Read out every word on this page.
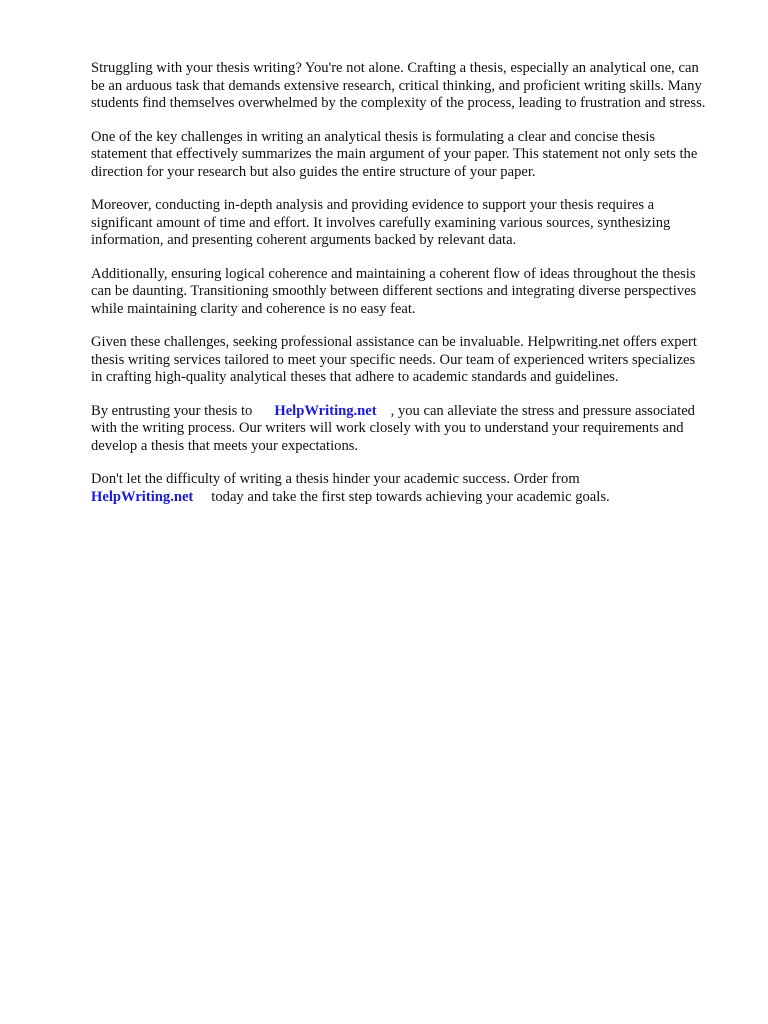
Struggling with your thesis writing? You're not alone. Crafting a thesis, especially an analytical one, can be an arduous task that demands extensive research, critical thinking, and proficient writing skills. Many students find themselves overwhelmed by the complexity of the process, leading to frustration and stress.

One of the key challenges in writing an analytical thesis is formulating a clear and concise thesis statement that effectively summarizes the main argument of your paper. This statement not only sets the direction for your research but also guides the entire structure of your paper.

Moreover, conducting in-depth analysis and providing evidence to support your thesis requires a significant amount of time and effort. It involves carefully examining various sources, synthesizing information, and presenting coherent arguments backed by relevant data.

Additionally, ensuring logical coherence and maintaining a coherent flow of ideas throughout the thesis can be daunting. Transitioning smoothly between different sections and integrating diverse perspectives while maintaining clarity and coherence is no easy feat.

Given these challenges, seeking professional assistance can be invaluable. Helpwriting.net offers expert thesis writing services tailored to meet your specific needs. Our team of experienced writers specializes in crafting high-quality analytical theses that adhere to academic standards and guidelines.

By entrusting your thesis to HelpWriting.net , you can alleviate the stress and pressure associated with the writing process. Our writers will work closely with you to understand your requirements and develop a thesis that meets your expectations.

Don't let the difficulty of writing a thesis hinder your academic success. Order from
HelpWriting.net today and take the first step towards achieving your academic goals.
